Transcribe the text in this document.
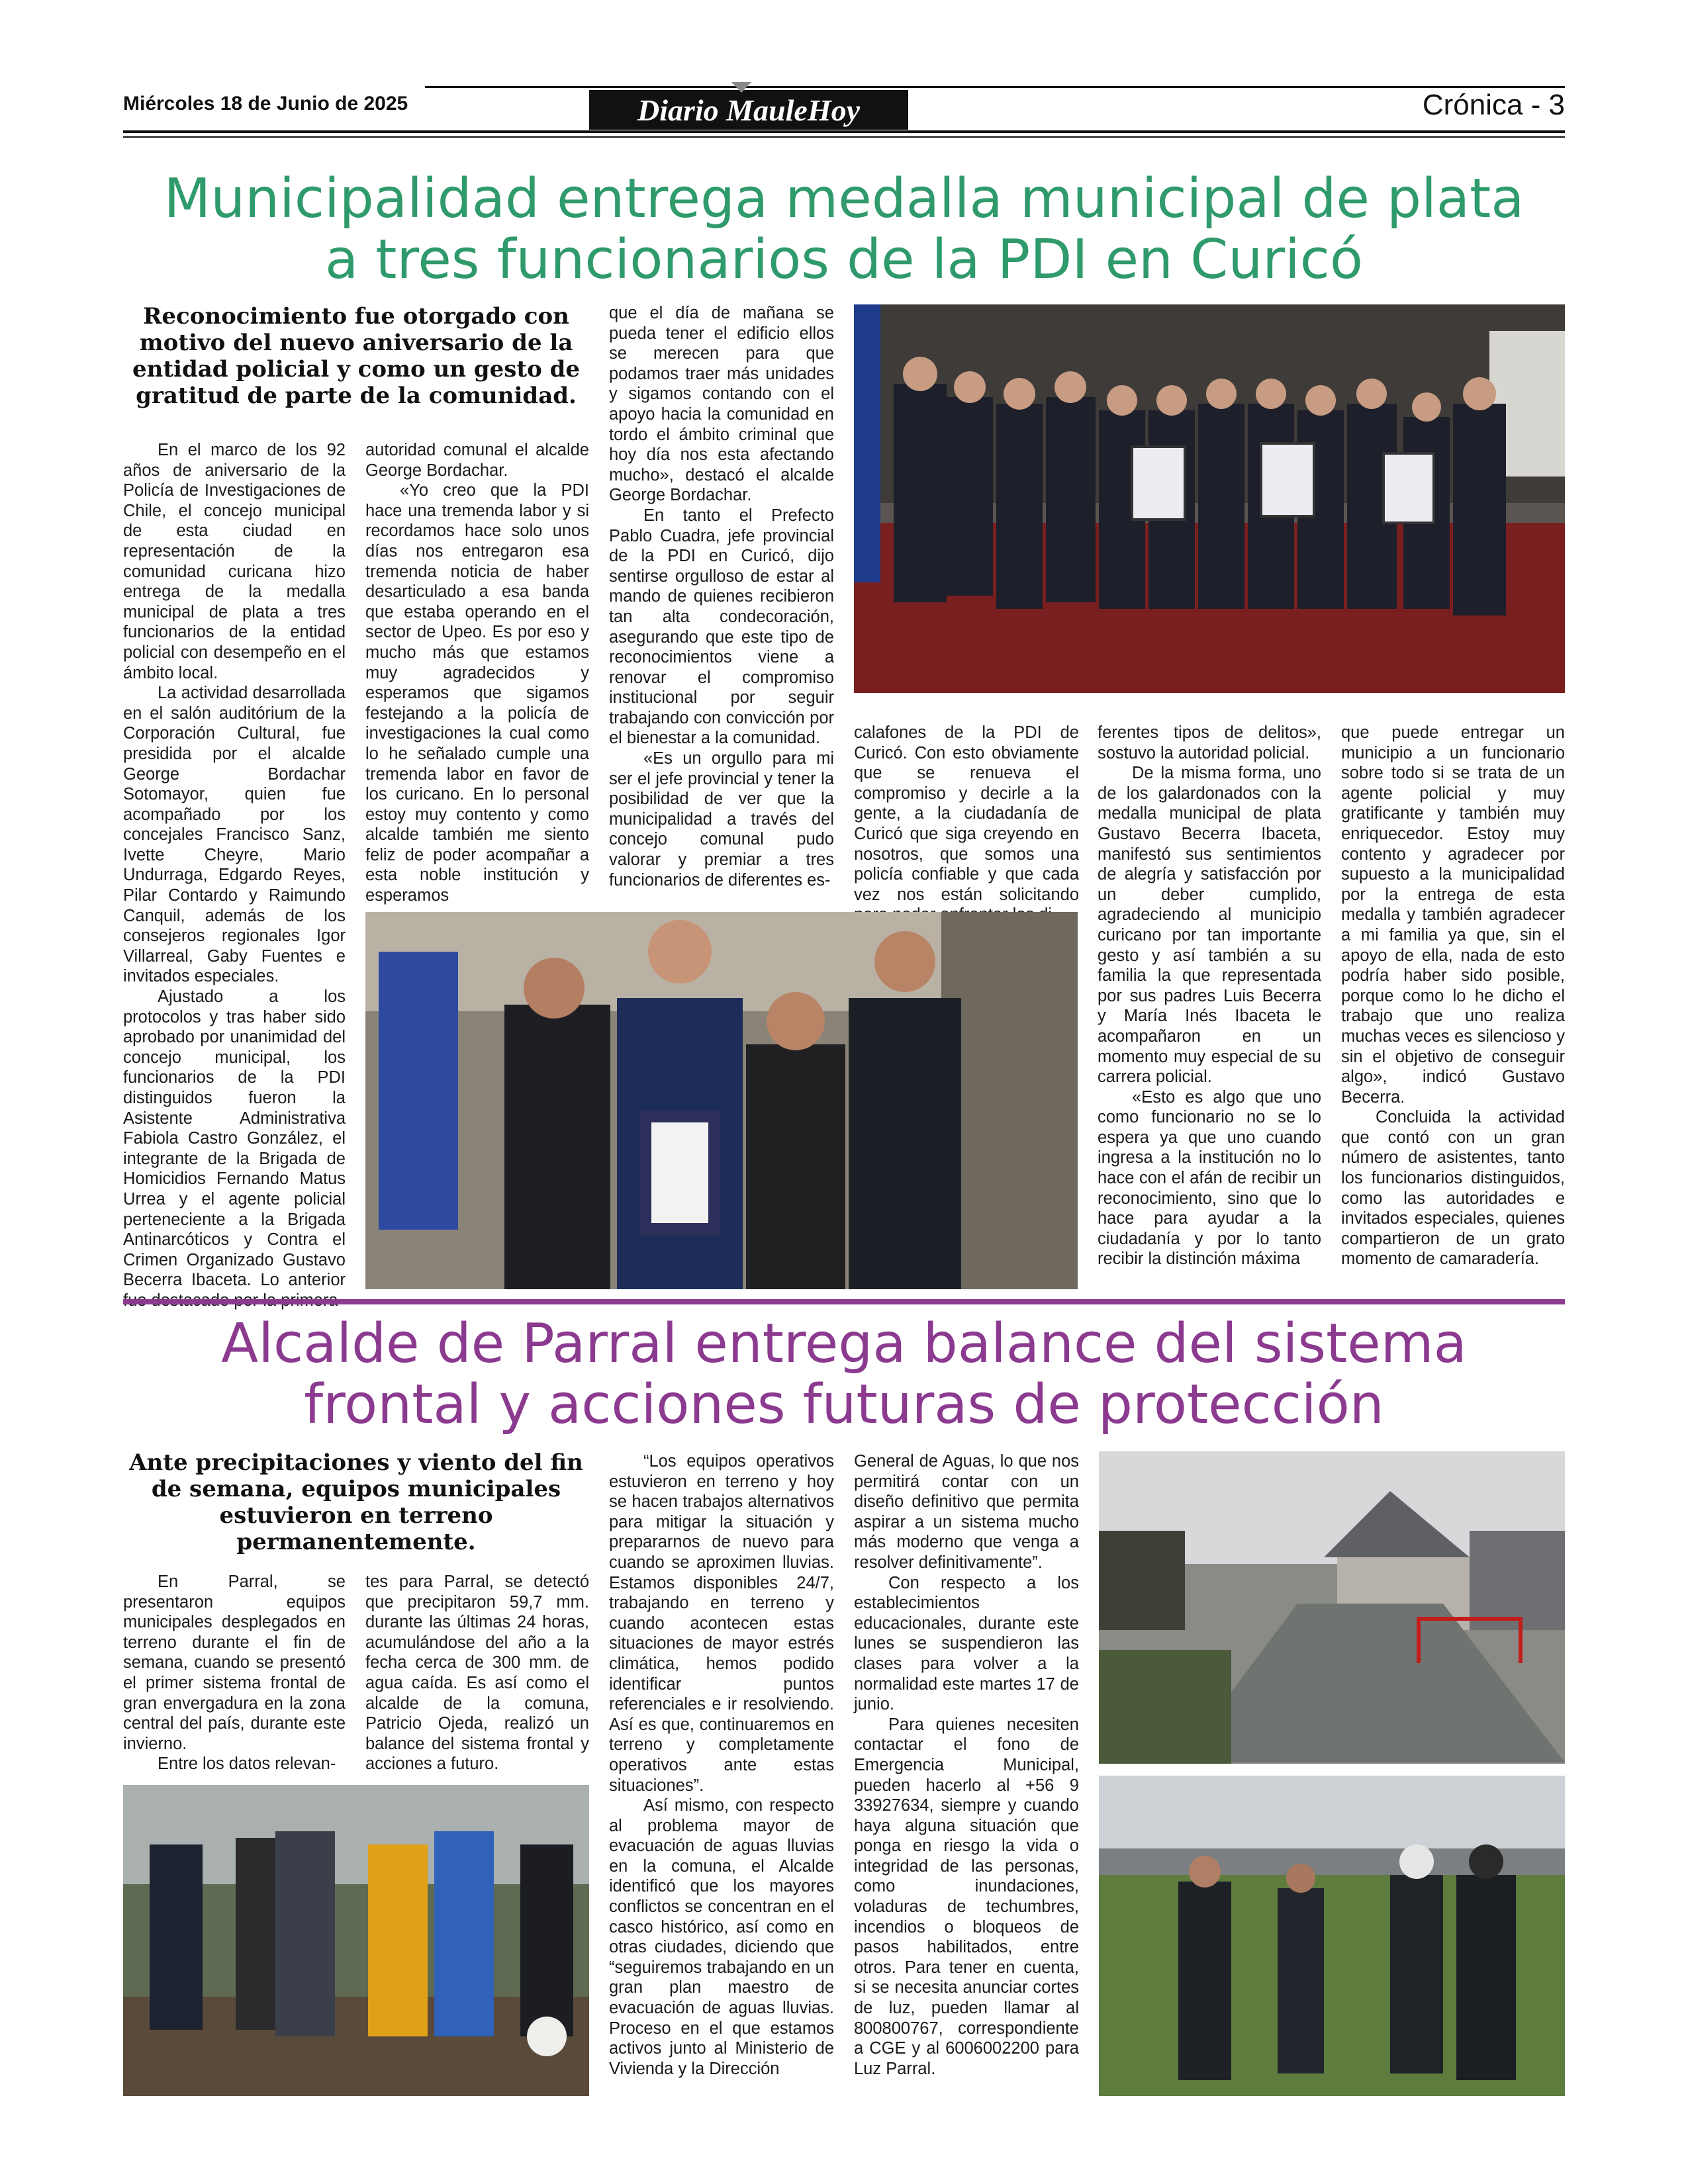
Miércoles 18 de Junio de 2025	Diario MauleHoy	Crónica - 3
Municipalidad entrega medalla municipal de plata
a tres funcionarios de la PDI en Curicó
Reconocimiento fue otorgado con motivo del nuevo aniversario de la entidad policial y como un gesto de gratitud de parte de la comunidad.

En el marco de los 92 años de aniversario de la Policía de Investigaciones de Chile, el concejo municipal de esta ciudad en representación de la comunidad curicana hizo entrega de la medalla municipal de plata a tres funcionarios de la entidad policial con desempeño en el ámbito local.

La actividad desarrollada en el salón auditórium de la Corporación Cultural, fue presidida por el alcalde George Bordachar Sotomayor, quien fue acompañado por los concejales Francisco Sanz, Ivette Cheyre, Mario Undurraga, Edgardo Reyes, Pilar Contardo y Raimundo Canquil, además de los consejeros regionales Igor Villarreal, Gaby Fuentes e invitados especiales.

Ajustado a los protocolos y tras haber sido aprobado por unanimidad del concejo municipal, los funcionarios de la PDI distinguidos fueron la Asistente Administrativa Fabiola Castro González, el integrante de la Brigada de Homicidios Fernando Matus Urrea y el agente policial perteneciente a la Brigada Antinarcóticos y Contra el Crimen Organizado Gustavo Becerra Ibaceta. Lo anterior

autoridad comunal el alcalde George Bordachar.

«Yo creo que la PDI hace una tremenda labor y si recordamos hace solo unos días nos entregaron esa tremenda noticia de haber desarticulado a esa banda que estaba operando en el sector de Upeo. Es por eso y mucho más que estamos muy agradecidos y esperamos que sigamos festejando a la policía de investigaciones la cual como lo he señalado cumple una tremenda labor en favor de los curicano. En lo personal estoy muy contento y como alcalde también me siento feliz de poder acompañar a esta noble institución y esperamos

que el día de mañana se pueda tener el edificio ellos se merecen para que podamos traer más unidades y sigamos contando con el apoyo hacia la comunidad en tordo el ámbito criminal que hoy día nos esta afectando mucho», destacó el alcalde George Bordachar.

En tanto el Prefecto Pablo Cuadra, jefe provincial de la PDI en Curicó, dijo sentirse orgulloso de estar al mando de quienes recibieron tan alta condecoración, asegurando que este tipo de reconocimientos viene a renovar el compromiso institucional por seguir trabajando con convicción por el bienestar a la comunidad.

«Es un orgullo para mi ser el jefe provincial y tener la posibilidad de ver que la municipalidad a través del concejo comunal pudo valorar y premiar a tres funcionarios de diferentes es-

calafones de la PDI de Curicó. Con esto obviamente que se renueva el compromiso y decirle a la gente, a la ciudadanía de Curicó que siga creyendo en nosotros, que somos una policía confiable y que cada vez nos están solicitando

ferentes tipos de delitos», sostuvo la autoridad policial.

De la misma forma, uno de los galardonados con la medalla municipal de plata Gustavo Becerra Ibaceta, manifestó sus sentimientos de alegría y satisfacción por un deber cumplido, agradeciendo al municipio curicano por tan importante gesto y así también a su familia la que representada por sus padres Luis Becerra y María Inés Ibaceta le acompañaron en un momento muy especial de su carrera policial.

«Esto es algo que uno como funcionario no se lo espera ya que uno cuando ingresa a la institución no lo hace con el afán de recibir un reconocimiento, sino que lo hace para ayudar a la ciudadanía y por lo tanto recibir la distinción máxima

que puede entregar un municipio a un funcionario sobre todo si se trata de un agente policial y muy gratificante y también muy enriquecedor. Estoy muy contento y agradecer por supuesto a la municipalidad por la entrega de esta medalla y también agradecer a mi familia ya que, sin el apoyo de ella, nada de esto podría haber sido posible, porque como lo he dicho el trabajo que uno realiza muchas veces es silencioso y sin el objetivo de conseguir algo», indicó Gustavo Becerra.

Concluida la actividad que contó con un gran número de asistentes, tanto los funcionarios distinguidos, como las autoridades e invitados especiales, quienes compartieron de un grato momento de camaradería.

Alcalde de Parral entrega balance del sistema
frontal y acciones futuras de protección
Ante precipitaciones y viento del fin de semana, equipos municipales estuvieron en terreno permanentemente.

En Parral, se presentaron equipos municipales desplegados en terreno durante el fin de semana, cuando se presentó el primer sistema frontal de gran envergadura en la zona central del país, durante este invierno.

Entre los datos relevan-

tes para Parral, se detectó que precipitaron 59,7 mm. durante las últimas 24 horas, acumulándose del año a la fecha cerca de 300 mm. de agua caída. Es así como el alcalde de la comuna, Patricio Ojeda, realizó un balance del sistema frontal y acciones a futuro.

“Los equipos operativos estuvieron en terreno y hoy se hacen trabajos alternativos para mitigar la situación y prepararnos de nuevo para cuando se aproximen lluvias. Estamos disponibles 24/7, trabajando en terreno y cuando acontecen estas situaciones de mayor estrés climática, hemos podido identificar puntos referenciales e ir resolviendo. Así es que, continuaremos en terreno y completamente operativos ante estas situaciones”.

Así mismo, con respecto al problema mayor de evacuación de aguas lluvias en la comuna, el Alcalde identificó que los mayores conflictos se concentran en el casco histórico, así como en otras ciudades, diciendo que “seguiremos trabajando en un gran plan maestro de evacuación de aguas lluvias. Proceso en el que estamos activos junto al Ministerio de Vivienda y la Dirección

General de Aguas, lo que nos permitirá contar con un diseño definitivo que permita aspirar a un sistema mucho más moderno que venga a resolver definitivamente”.

Con respecto a los establecimientos educacionales, durante este lunes se suspendieron las clases para volver a la normalidad este martes 17 de junio.

Para quienes necesiten contactar el fono de Emergencia Municipal, pueden hacerlo al +56 9 33927634, siempre y cuando haya alguna situación que ponga en riesgo la vida o integridad de las personas, como inundaciones, voladuras de techumbres, incendios o bloqueos de pasos habilitados, entre otros. Para tener en cuenta, si se necesita anunciar cortes de luz, pueden llamar al 800800767, correspondiente a CGE y al 6006002200 para Luz Parral.
